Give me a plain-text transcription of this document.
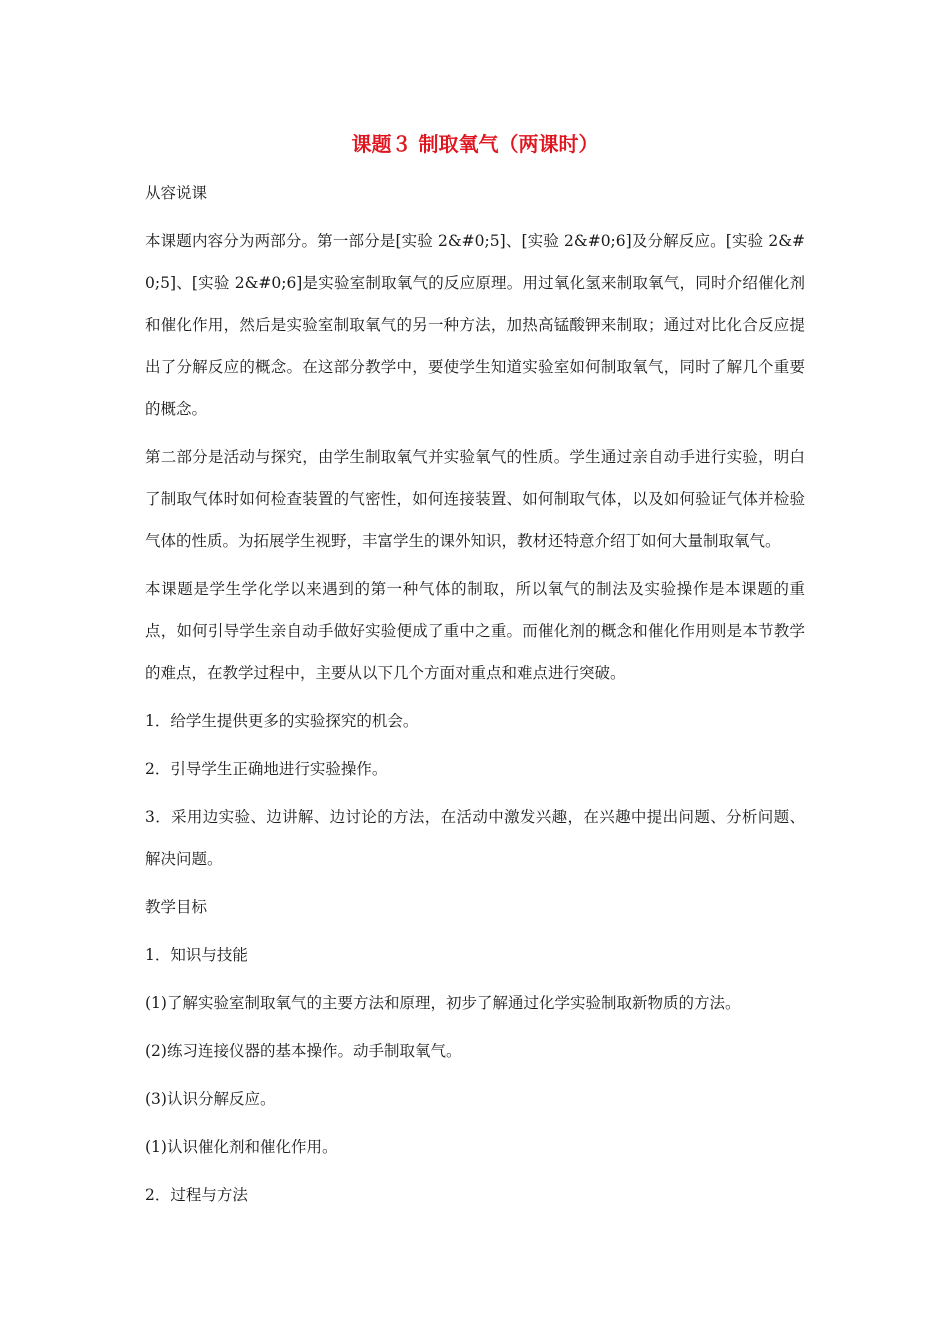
课题３ 制取氧气（两课时）
从容说课
本课题内容分为两部分。第一部分是[实验 2&#0;5]、[实验 2&#0;6]及分解反应。[实验 2&#0;5]、[实验 2&#0;6]是实验室制取氧气的反应原理。用过氧化氢来制取氧气，同时介绍催化剂和催化作用，然后是实验室制取氧气的另一种方法，加热高锰酸钾来制取；通过对比化合反应提出了分解反应的概念。在这部分教学中，要使学生知道实验室如何制取氧气，同时了解几个重要的概念。
第二部分是活动与探究，由学生制取氧气并实验氧气的性质。学生通过亲自动手进行实验，明白了制取气体时如何检查装置的气密性，如何连接装置、如何制取气体，以及如何验证气体并检验气体的性质。为拓展学生视野，丰富学生的课外知识，教材还特意介绍丁如何大量制取氧气。
本课题是学生学化学以来遇到的第一种气体的制取，所以氧气的制法及实验操作是本课题的重点，如何引导学生亲自动手做好实验便成了重中之重。而催化剂的概念和催化作用则是本节教学的难点，在教学过程中，主要从以下几个方面对重点和难点进行突破。
1．给学生提供更多的实验探究的机会。
2．引导学生正确地进行实验操作。
3．采用边实验、边讲解、边讨论的方法，在活动中激发兴趣，在兴趣中提出问题、分析问题、解决问题。
教学目标
1．知识与技能
(1)了解实验室制取氧气的主要方法和原理，初步了解通过化学实验制取新物质的方法。
(2)练习连接仪器的基本操作。动手制取氧气。
(3)认识分解反应。
(1)认识催化剂和催化作用。
2．过程与方法
